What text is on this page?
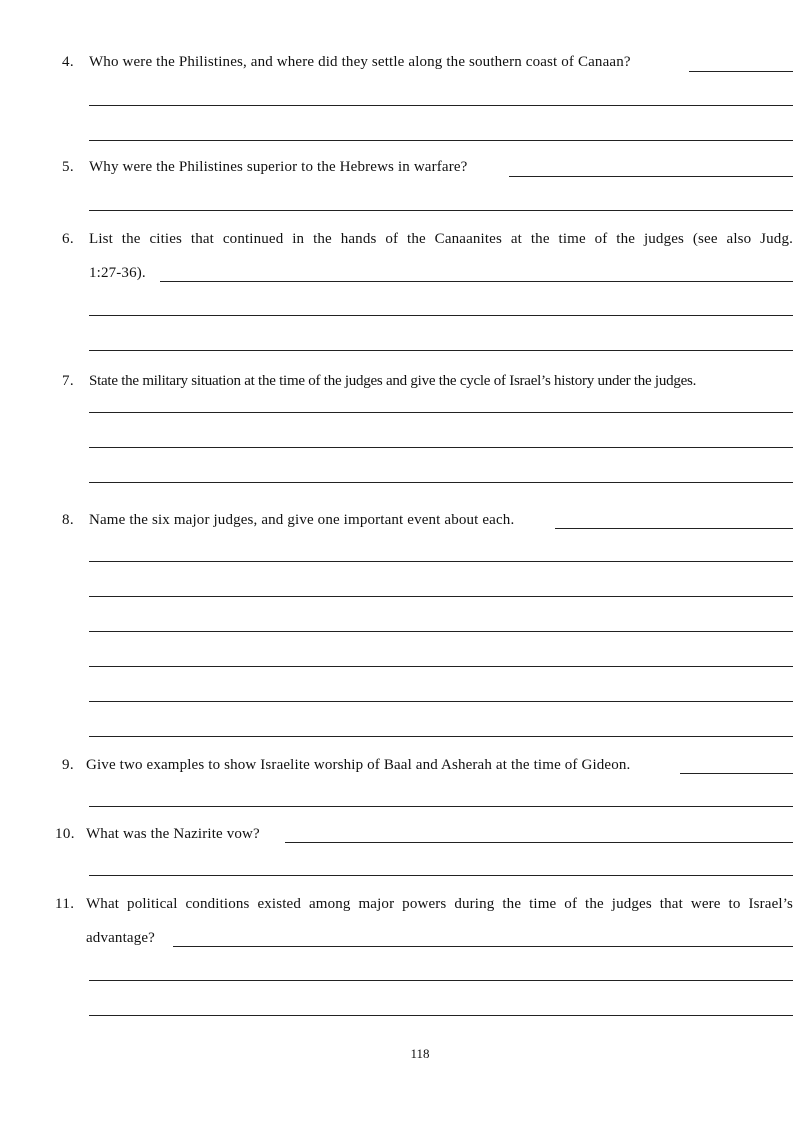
4. Who were the Philistines, and where did they settle along the southern coast of Canaan?
5. Why were the Philistines superior to the Hebrews in warfare?
6. List the cities that continued in the hands of the Canaanites at the time of the judges (see also Judg.
1:27-36).
7. State the military situation at the time of the judges and give the cycle of Israel’s history under the judges.
8. Name the six major judges, and give one important event about each.
9. Give two examples to show Israelite worship of Baal and Asherah at the time of Gideon.
10. What was the Nazirite vow?
11. What political conditions existed among major powers during the time of the judges that were to Israel’s
advantage?
118
